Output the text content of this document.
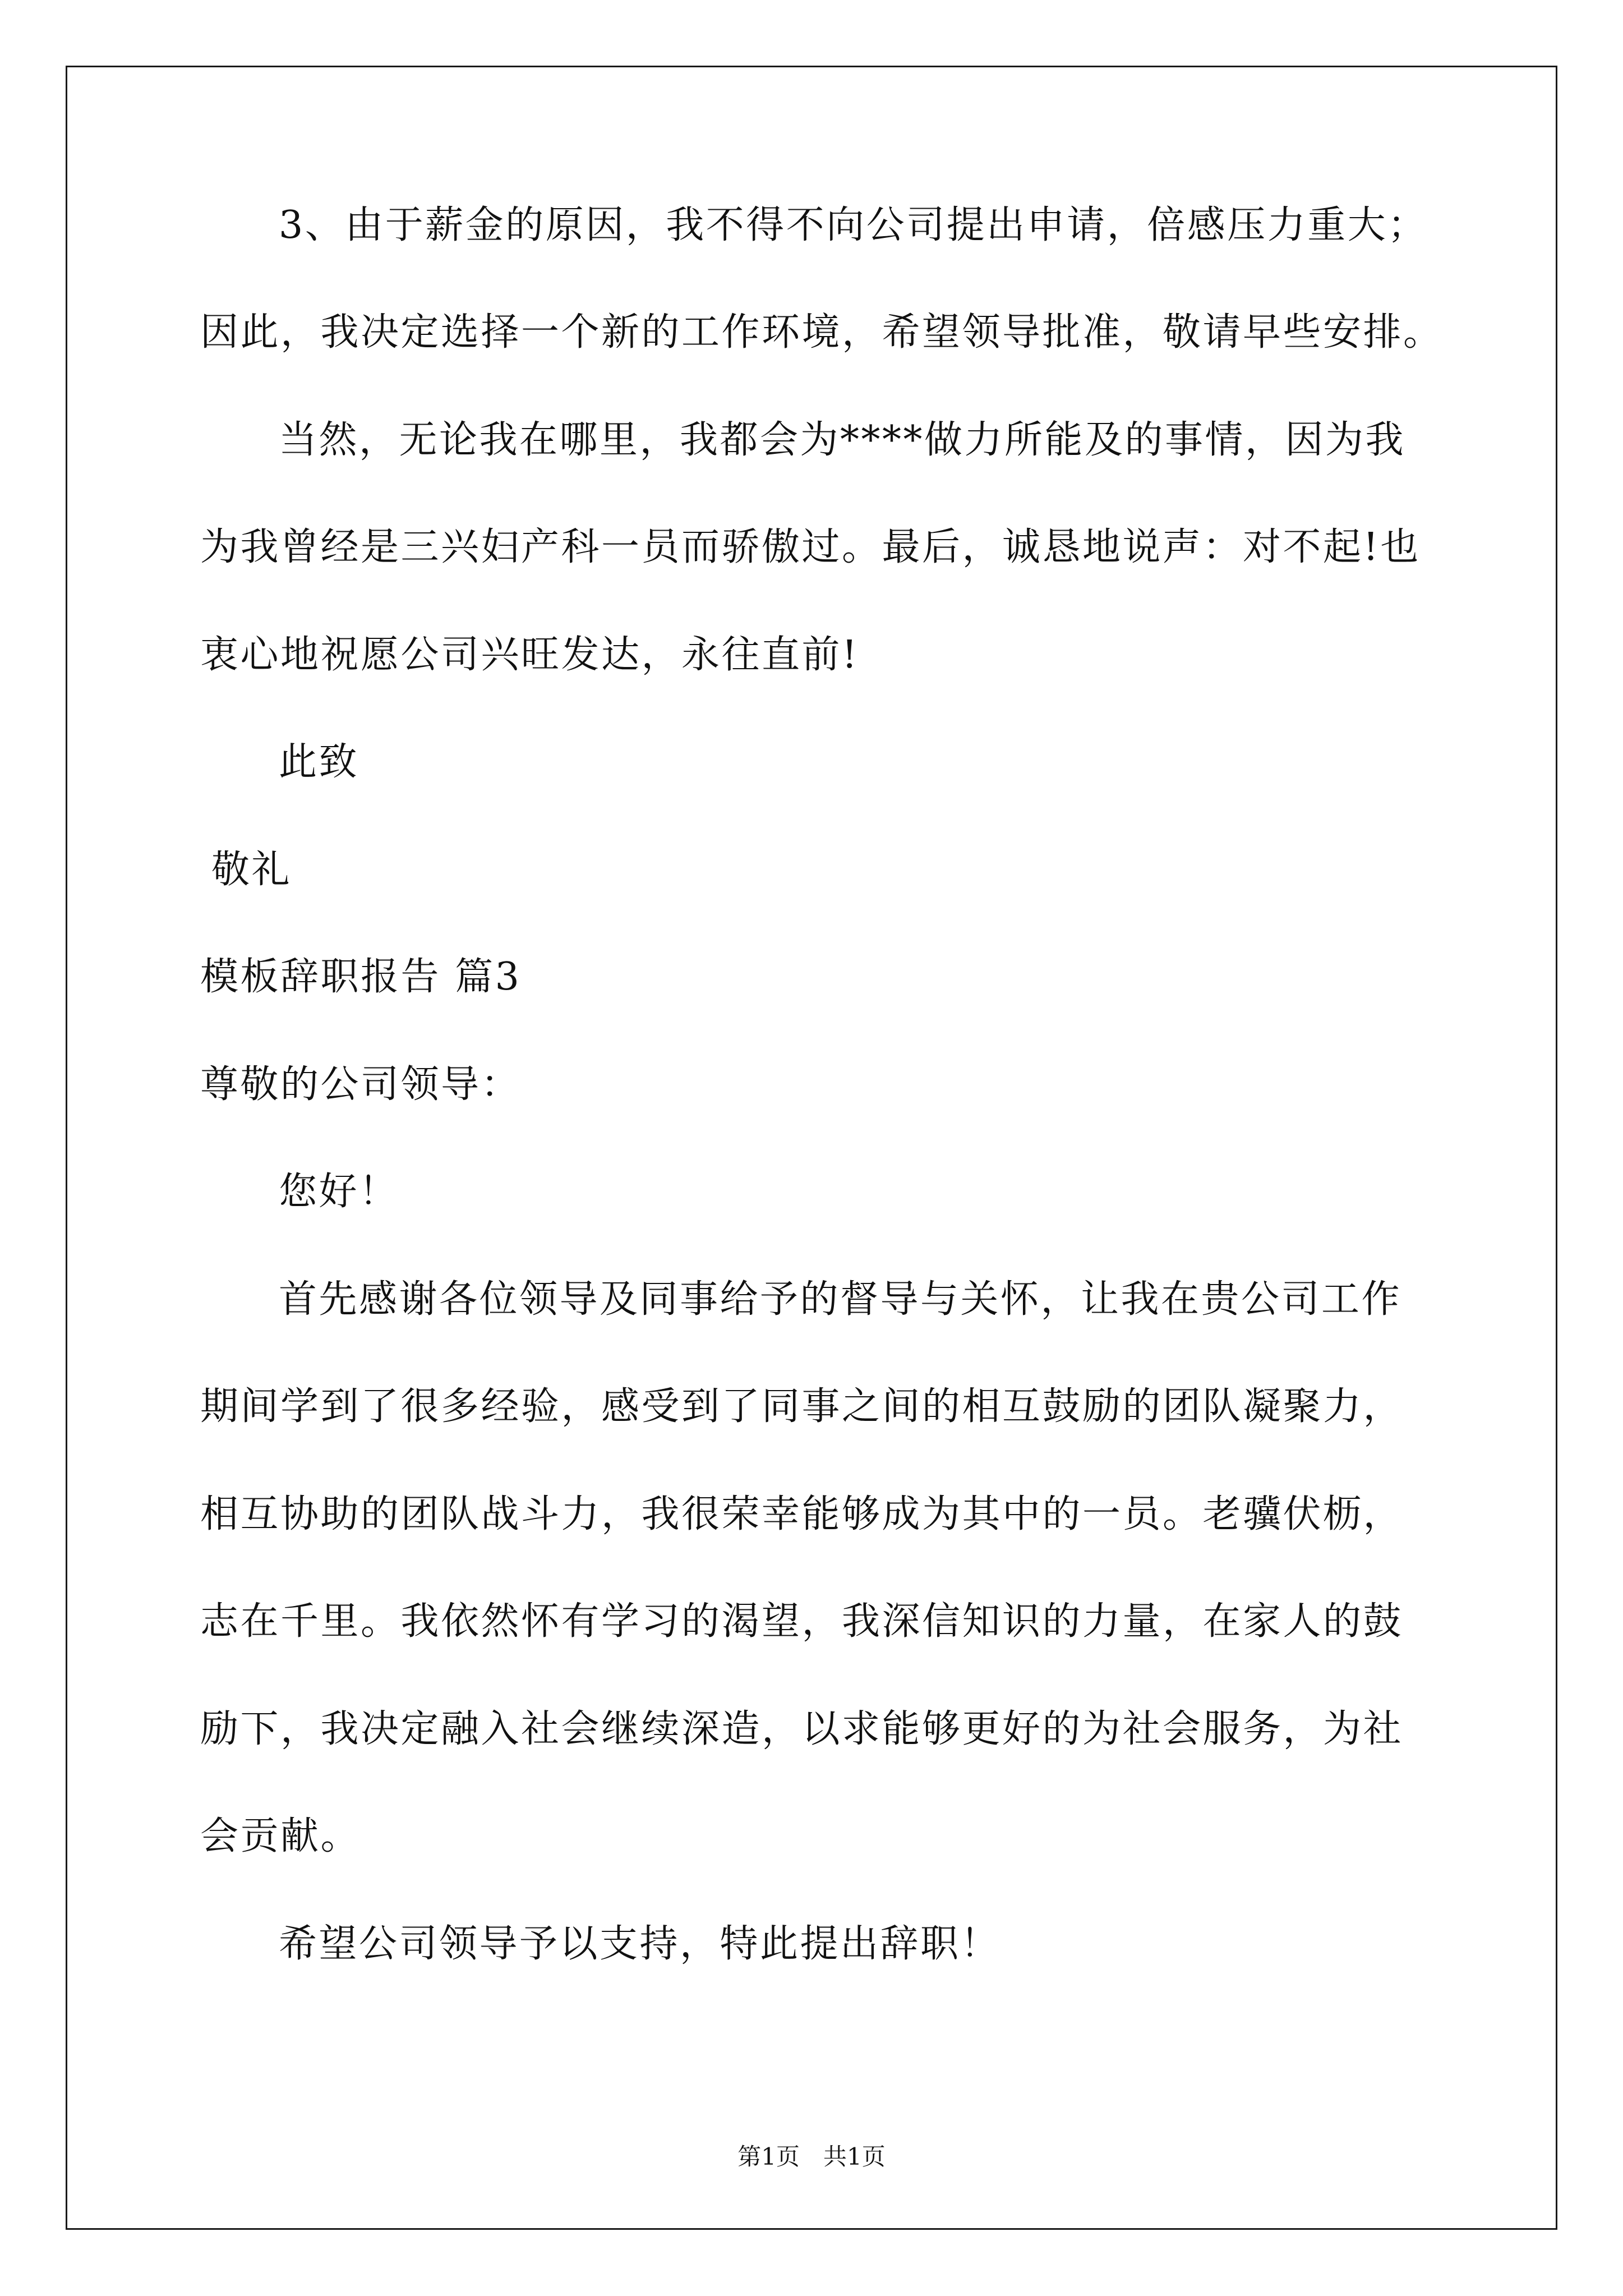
3、由于薪金的原因，我不得不向公司提出申请，倍感压力重大；
因此，我决定选择一个新的工作环境，希望领导批准，敬请早些安排。
当然，无论我在哪里，我都会为****做力所能及的事情，因为我
为我曾经是三兴妇产科一员而骄傲过。最后，诚恳地说声：对不起!也
衷心地祝愿公司兴旺发达，永往直前!
此致
敬礼
模板辞职报告 篇3
尊敬的公司领导：
您好！
首先感谢各位领导及同事给予的督导与关怀，让我在贵公司工作
期间学到了很多经验，感受到了同事之间的相互鼓励的团队凝聚力，
相互协助的团队战斗力，我很荣幸能够成为其中的一员。老骥伏枥，
志在千里。我依然怀有学习的渴望，我深信知识的力量，在家人的鼓
励下，我决定融入社会继续深造，以求能够更好的为社会服务，为社
会贡献。
希望公司领导予以支持，特此提出辞职！
第1页　共1页
